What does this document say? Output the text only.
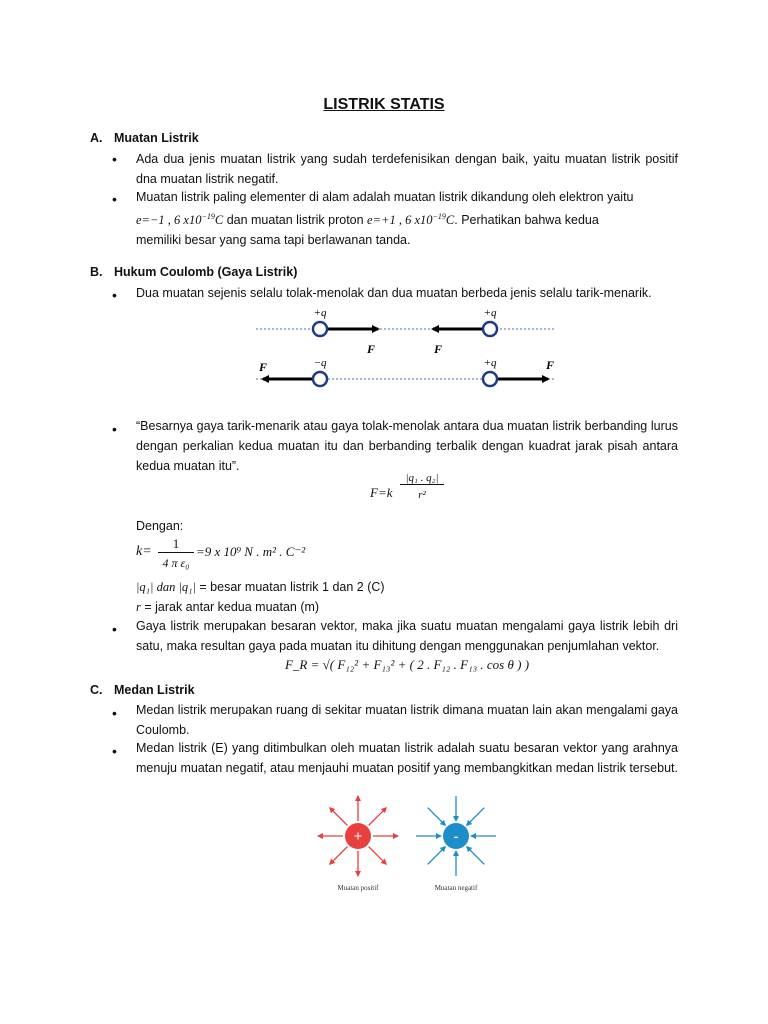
LISTRIK STATIS
A. Muatan Listrik
• Ada dua jenis muatan listrik yang sudah terdefenisikan dengan baik, yaitu muatan listrik positif dna muatan listrik negatif.
• Muatan listrik paling elementer di alam adalah muatan listrik dikandung oleh elektron yaitu
e=−1 , 6 $x10^{-19}C$ dan muatan listrik proton e=+1 , 6 $x10^{-19}C$. Perhatikan bahwa kedua
memiliki besar yang sama tapi berlawanan tanda.
B. Hukum Coulomb (Gaya Listrik)
• Dua muatan sejenis selalu tolak-menolak dan dua muatan berbeda jenis selalu tarik-menarik.
+q	+q
F	F
−q	+q
F	F
• “Besarnya gaya tarik-menarik atau gaya tolak-menolak antara dua muatan listrik berbanding lurus dengan perkalian kedua muatan itu dan berbanding terbalik dengan kuadrat jarak pisah antara kedua muatan itu”.
F=k
|q₁ . q₂|
r²
Dengan:
k=
1
4 π ε₀
=9 x 10⁹ N . m² . C⁻²
|q₁| dan |q₁| = besar muatan listrik 1 dan 2 (C)
r = jarak antar kedua muatan (m)
• Gaya listrik merupakan besaran vektor, maka jika suatu muatan mengalami gaya listrik lebih dri satu, maka resultan gaya pada muatan itu dihitung dengan menggunakan penjumlahan vektor.
F_R = √( F₁₂² + F₁₃² + ( 2 . F₁₂ . F₁₃ . cos θ ) )
C. Medan Listrik
• Medan listrik merupakan ruang di sekitar muatan listrik dimana muatan lain akan mengalami gaya Coulomb.
• Medan listrik (E) yang ditimbulkan oleh muatan listrik adalah suatu besaran vektor yang arahnya menuju muatan negatif, atau menjauhi muatan positif yang membangkitkan medan listrik tersebut.
+	-
Muatan positif	Muatan negatif
